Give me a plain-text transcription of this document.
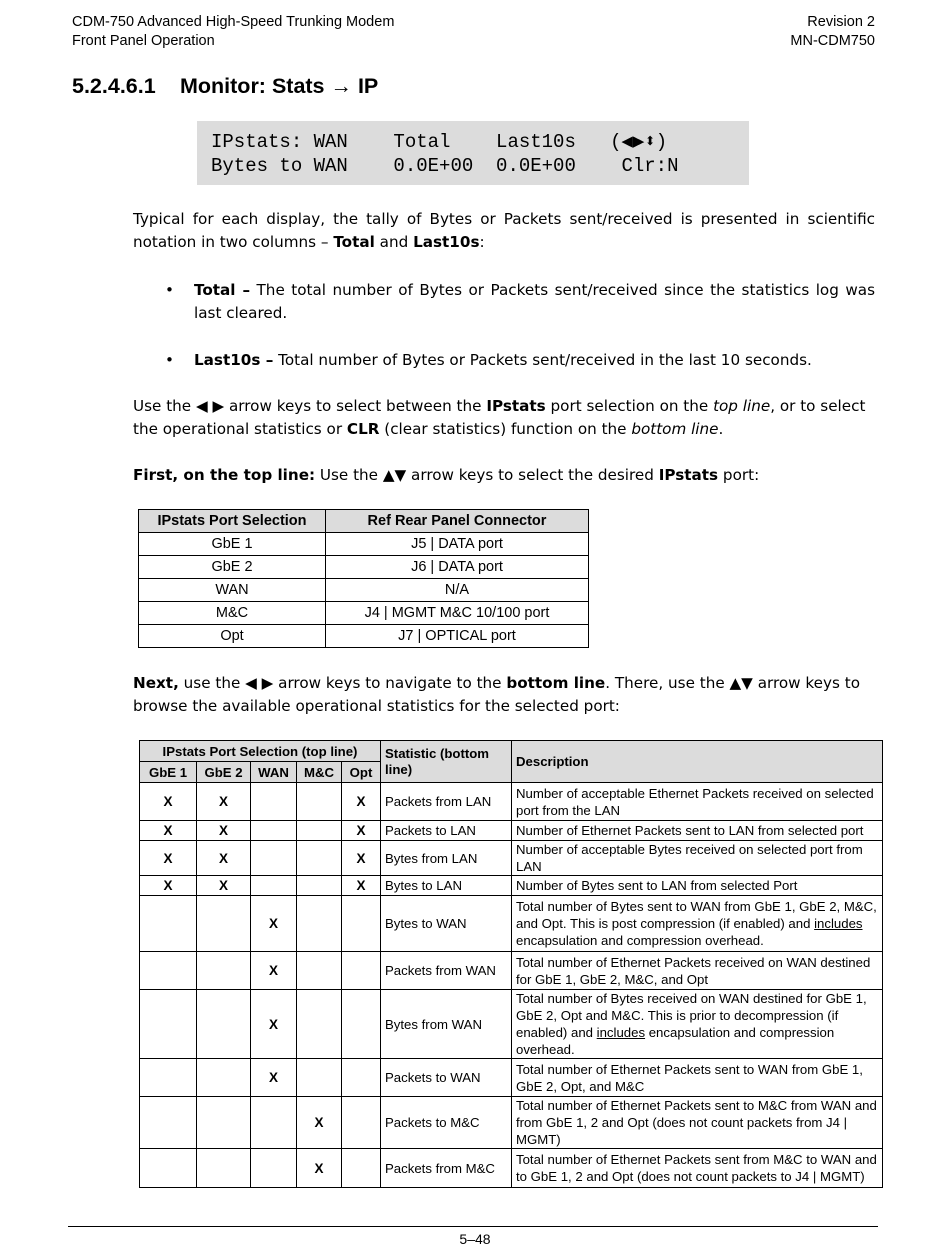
CDM-750 Advanced High-Speed Trunking Modem
Front Panel Operation
Revision 2
MN-CDM750
5.2.4.6.1 Monitor: Stats → IP
IPstats: WAN    Total    Last10s   (◀▶⬍)
Bytes to WAN    0.0E+00  0.0E+00    Clr:N

Typical for each display, the tally of Bytes or Packets sent/received is presented in scientific notation in two columns – Total and Last10s:

• Total – The total number of Bytes or Packets sent/received since the statistics log was last cleared.
• Last10s – Total number of Bytes or Packets sent/received in the last 10 seconds.

Use the ◀ ▶ arrow keys to select between the IPstats port selection on the top line, or to select the operational statistics or CLR (clear statistics) function on the bottom line.

First, on the top line: Use the ▲▼ arrow keys to select the desired IPstats port:

IPstats Port Selection	Ref Rear Panel Connector
GbE 1	J5 | DATA port
GbE 2	J6 | DATA port
WAN	N/A
M&C	J4 | MGMT M&C 10/100 port
Opt	J7 | OPTICAL port

Next, use the ◀ ▶ arrow keys to navigate to the bottom line. There, use the ▲▼ arrow keys to browse the available operational statistics for the selected port:

IPstats Port Selection (top line)					Statistic (bottom line)	Description
GbE 1	GbE 2	WAN	M&C	Opt		
X	X			X	Packets from LAN	Number of acceptable Ethernet Packets received on selected port from the LAN
X	X			X	Packets to LAN	Number of Ethernet Packets sent to LAN from selected port
X	X			X	Bytes from LAN	Number of acceptable Bytes received on selected port from LAN
X	X			X	Bytes to LAN	Number of Bytes sent to LAN from selected Port
		X			Bytes to WAN	Total number of Bytes sent to WAN from GbE 1, GbE 2, M&C, and Opt. This is post compression (if enabled) and includes encapsulation and compression overhead.
		X			Packets from WAN	Total number of Ethernet Packets received on WAN destined for GbE 1, GbE 2, M&C, and Opt
		X			Bytes from WAN	Total number of Bytes received on WAN destined for GbE 1, GbE 2, Opt and M&C. This is prior to decompression (if enabled) and includes encapsulation and compression overhead.
		X			Packets to WAN	Total number of Ethernet Packets sent to WAN from GbE 1, GbE 2, Opt, and M&C
			X		Packets to M&C	Total number of Ethernet Packets sent to M&C from WAN and from GbE 1, 2 and Opt (does not count packets from J4 | MGMT)
			X		Packets from M&C	Total number of Ethernet Packets sent from M&C to WAN and to GbE 1, 2 and Opt (does not count packets to J4 | MGMT)
5–48
